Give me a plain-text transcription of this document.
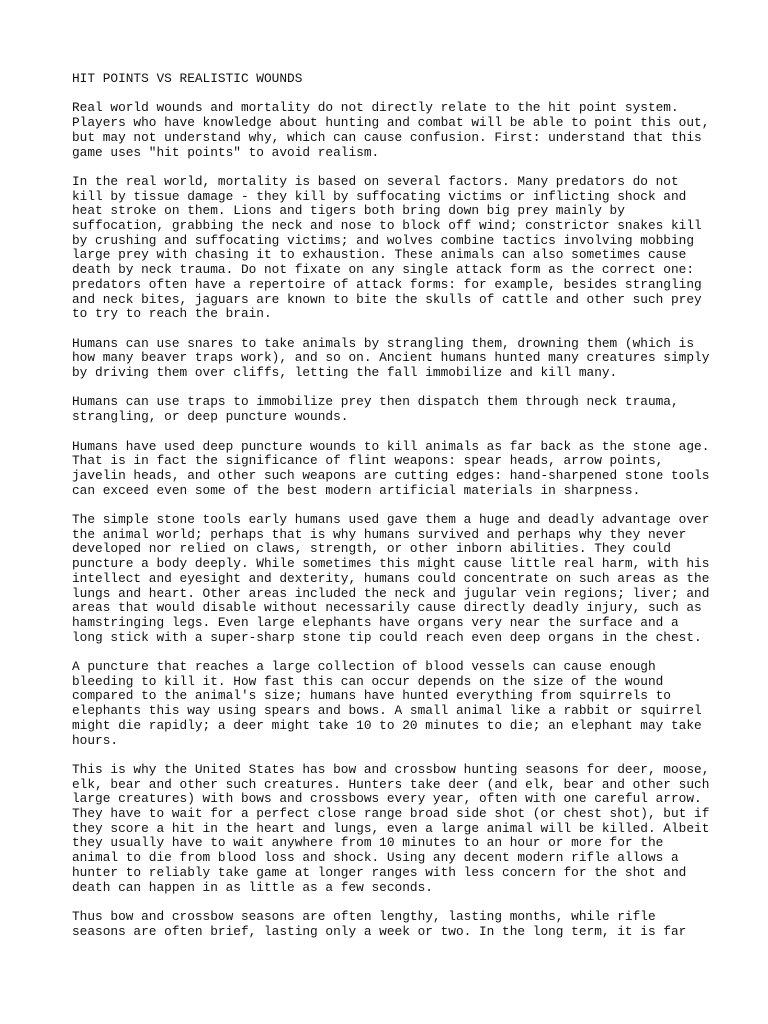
HIT POINTS VS REALISTIC WOUNDS
Real world wounds and mortality do not directly relate to the hit point system.
Players who have knowledge about hunting and combat will be able to point this out,
but may not understand why, which can cause confusion. First: understand that this
game uses "hit points" to avoid realism.
In the real world, mortality is based on several factors. Many predators do not
kill by tissue damage - they kill by suffocating victims or inflicting shock and
heat stroke on them. Lions and tigers both bring down big prey mainly by
suffocation, grabbing the neck and nose to block off wind; constrictor snakes kill
by crushing and suffocating victims; and wolves combine tactics involving mobbing
large prey with chasing it to exhaustion. These animals can also sometimes cause
death by neck trauma. Do not fixate on any single attack form as the correct one:
predators often have a repertoire of attack forms: for example, besides strangling
and neck bites, jaguars are known to bite the skulls of cattle and other such prey
to try to reach the brain.
Humans can use snares to take animals by strangling them, drowning them (which is
how many beaver traps work), and so on. Ancient humans hunted many creatures simply
by driving them over cliffs, letting the fall immobilize and kill many.
Humans can use traps to immobilize prey then dispatch them through neck trauma,
strangling, or deep puncture wounds.
Humans have used deep puncture wounds to kill animals as far back as the stone age.
That is in fact the significance of flint weapons: spear heads, arrow points,
javelin heads, and other such weapons are cutting edges: hand-sharpened stone tools
can exceed even some of the best modern artificial materials in sharpness.
The simple stone tools early humans used gave them a huge and deadly advantage over
the animal world; perhaps that is why humans survived and perhaps why they never
developed nor relied on claws, strength, or other inborn abilities. They could
puncture a body deeply. While sometimes this might cause little real harm, with his
intellect and eyesight and dexterity, humans could concentrate on such areas as the
lungs and heart. Other areas included the neck and jugular vein regions; liver; and
areas that would disable without necessarily cause directly deadly injury, such as
hamstringing legs. Even large elephants have organs very near the surface and a
long stick with a super-sharp stone tip could reach even deep organs in the chest.
A puncture that reaches a large collection of blood vessels can cause enough
bleeding to kill it. How fast this can occur depends on the size of the wound
compared to the animal's size; humans have hunted everything from squirrels to
elephants this way using spears and bows. A small animal like a rabbit or squirrel
might die rapidly; a deer might take 10 to 20 minutes to die; an elephant may take
hours.
This is why the United States has bow and crossbow hunting seasons for deer, moose,
elk, bear and other such creatures. Hunters take deer (and elk, bear and other such
large creatures) with bows and crossbows every year, often with one careful arrow.
They have to wait for a perfect close range broad side shot (or chest shot), but if
they score a hit in the heart and lungs, even a large animal will be killed. Albeit
they usually have to wait anywhere from 10 minutes to an hour or more for the
animal to die from blood loss and shock. Using any decent modern rifle allows a
hunter to reliably take game at longer ranges with less concern for the shot and
death can happen in as little as a few seconds.
Thus bow and crossbow seasons are often lengthy, lasting months, while rifle
seasons are often brief, lasting only a week or two. In the long term, it is far
